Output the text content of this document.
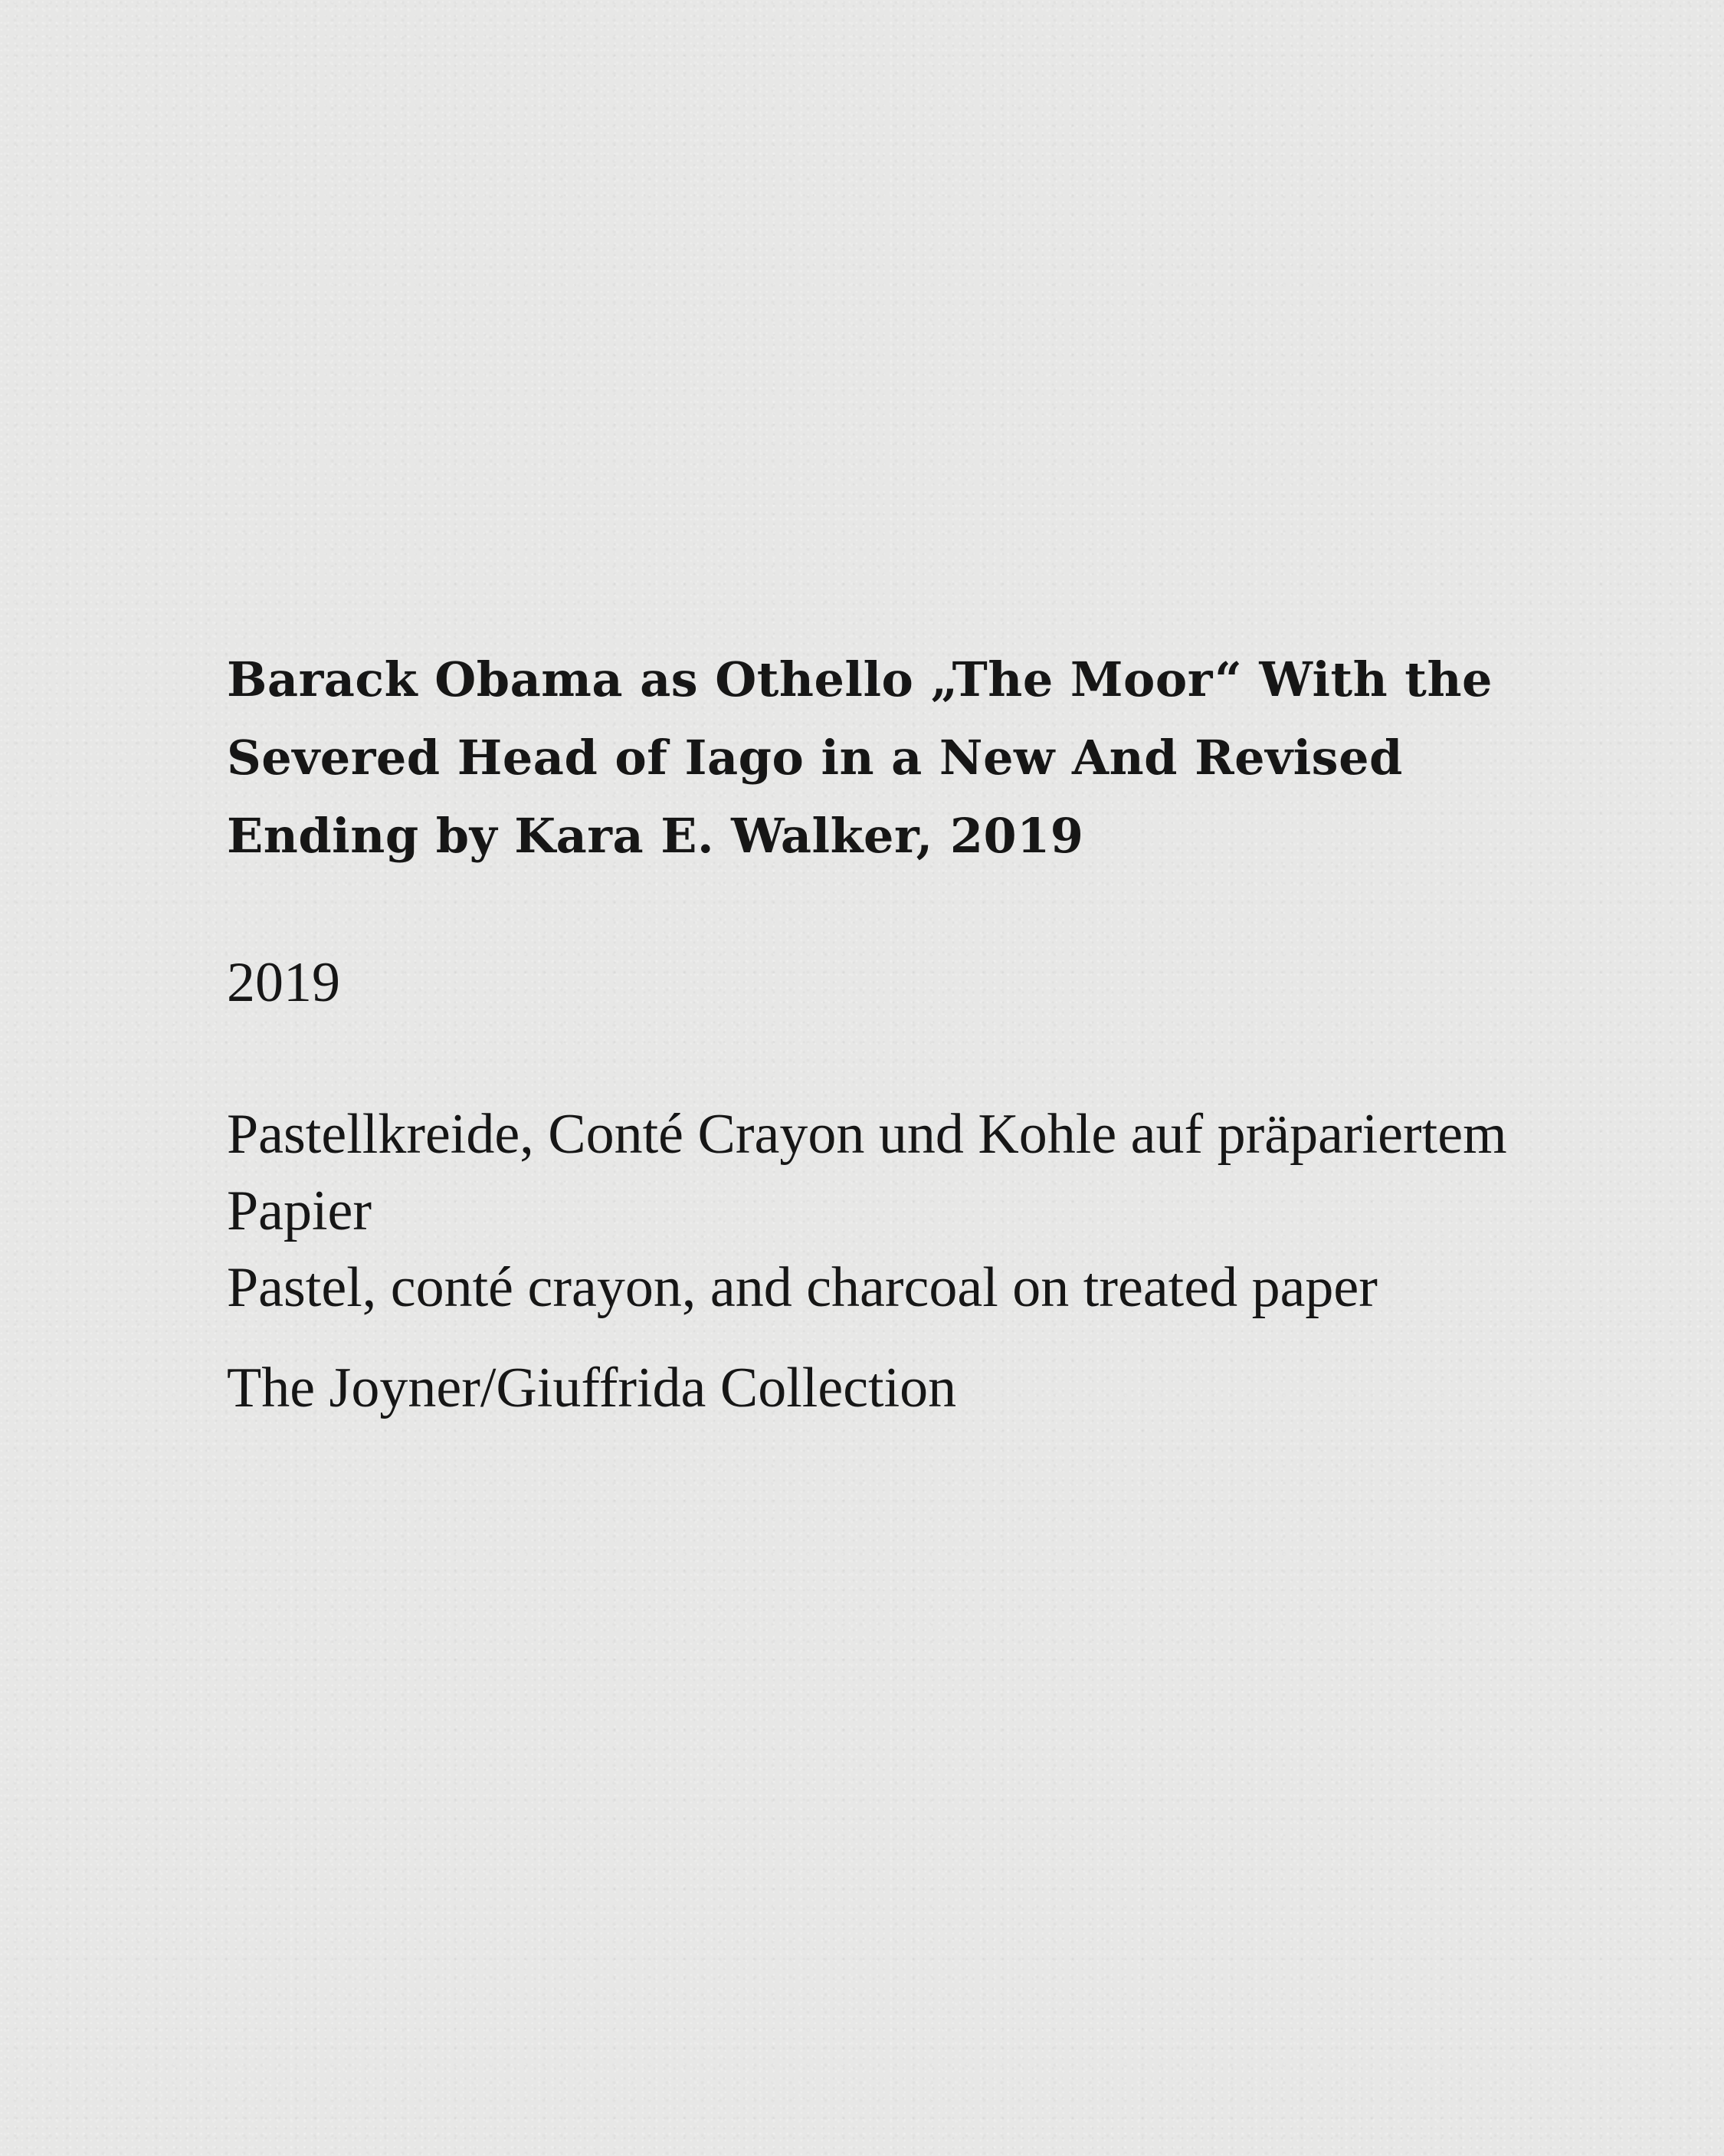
Barack Obama as Othello „The Moor“ With the Severed Head of Iago in a New And Revised Ending by Kara E. Walker, 2019

2019

Pastellkreide, Conté Crayon und Kohle auf präpariertem Papier
Pastel, conté crayon, and charcoal on treated paper

The Joyner/Giuffrida Collection
